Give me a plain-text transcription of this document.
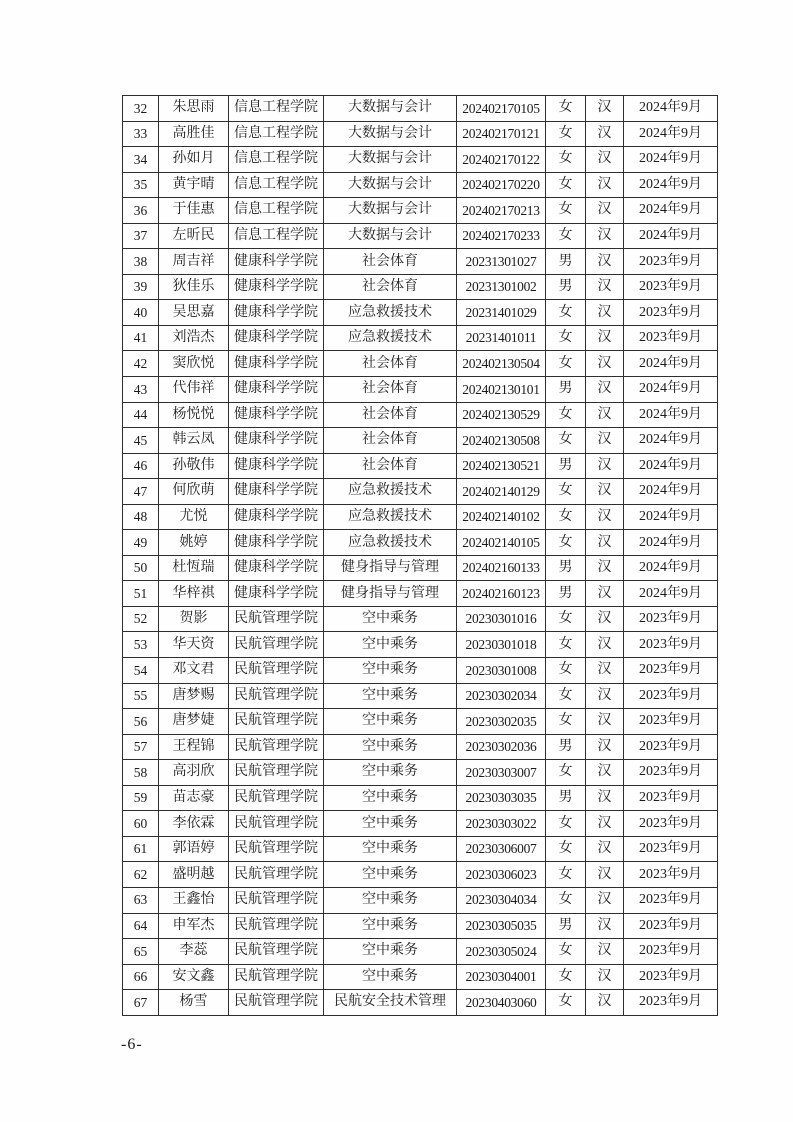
32	朱思雨	信息工程学院	大数据与会计	202402170105	女	汉	2024年9月
33	高胜佳	信息工程学院	大数据与会计	202402170121	女	汉	2024年9月
34	孙如月	信息工程学院	大数据与会计	202402170122	女	汉	2024年9月
35	黄宇晴	信息工程学院	大数据与会计	202402170220	女	汉	2024年9月
36	于佳惠	信息工程学院	大数据与会计	202402170213	女	汉	2024年9月
37	左昕民	信息工程学院	大数据与会计	202402170233	女	汉	2024年9月
38	周吉祥	健康科学学院	社会体育	20231301027	男	汉	2023年9月
39	狄佳乐	健康科学学院	社会体育	20231301002	男	汉	2023年9月
40	吴思嘉	健康科学学院	应急救援技术	20231401029	女	汉	2023年9月
41	刘浩杰	健康科学学院	应急救援技术	20231401011	女	汉	2023年9月
42	窦欣悦	健康科学学院	社会体育	202402130504	女	汉	2024年9月
43	代伟祥	健康科学学院	社会体育	202402130101	男	汉	2024年9月
44	杨悦悦	健康科学学院	社会体育	202402130529	女	汉	2024年9月
45	韩云凤	健康科学学院	社会体育	202402130508	女	汉	2024年9月
46	孙敬伟	健康科学学院	社会体育	202402130521	男	汉	2024年9月
47	何欣萌	健康科学学院	应急救援技术	202402140129	女	汉	2024年9月
48	尤悦	健康科学学院	应急救援技术	202402140102	女	汉	2024年9月
49	姚婷	健康科学学院	应急救援技术	202402140105	女	汉	2024年9月
50	杜恆瑞	健康科学学院	健身指导与管理	202402160133	男	汉	2024年9月
51	华梓祺	健康科学学院	健身指导与管理	202402160123	男	汉	2024年9月
52	贺影	民航管理学院	空中乘务	20230301016	女	汉	2023年9月
53	华天资	民航管理学院	空中乘务	20230301018	女	汉	2023年9月
54	邓文君	民航管理学院	空中乘务	20230301008	女	汉	2023年9月
55	唐梦赐	民航管理学院	空中乘务	20230302034	女	汉	2023年9月
56	唐梦婕	民航管理学院	空中乘务	20230302035	女	汉	2023年9月
57	王程锦	民航管理学院	空中乘务	20230302036	男	汉	2023年9月
58	高羽欣	民航管理学院	空中乘务	20230303007	女	汉	2023年9月
59	苗志豪	民航管理学院	空中乘务	20230303035	男	汉	2023年9月
60	李依霖	民航管理学院	空中乘务	20230303022	女	汉	2023年9月
61	郭语婷	民航管理学院	空中乘务	20230306007	女	汉	2023年9月
62	盛明越	民航管理学院	空中乘务	20230306023	女	汉	2023年9月
63	王鑫怡	民航管理学院	空中乘务	20230304034	女	汉	2023年9月
64	申军杰	民航管理学院	空中乘务	20230305035	男	汉	2023年9月
65	李蕊	民航管理学院	空中乘务	20230305024	女	汉	2023年9月
66	安文鑫	民航管理学院	空中乘务	20230304001	女	汉	2023年9月
67	杨雪	民航管理学院	民航安全技术管理	20230403060	女	汉	2023年9月
-6-
